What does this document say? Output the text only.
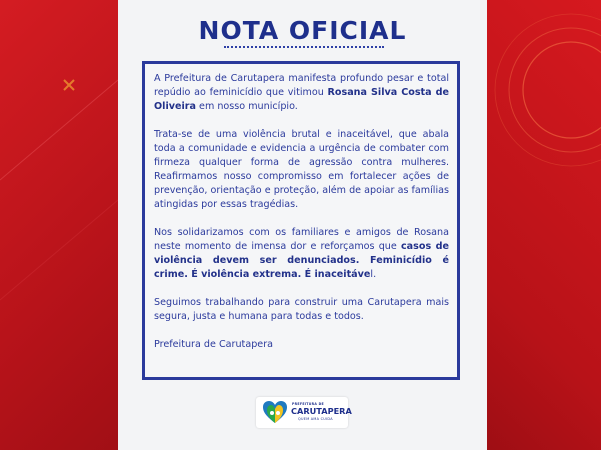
NOTA OFICIAL

A Prefeitura de Carutapera manifesta profundo pesar e total repúdio ao feminicídio que vitimou Rosana Silva Costa de Oliveira em nosso município.

Trata-se de uma violência brutal e inaceitável, que abala toda a comunidade e evidencia a urgência de combater com firmeza qualquer forma de agressão contra mulheres. Reafirmamos nosso compromisso em fortalecer ações de prevenção, orientação e proteção, além de apoiar as famílias atingidas por essas tragédias.

Nos solidarizamos com os familiares e amigos de Rosana neste momento de imensa dor e reforçamos que casos de violência devem ser denunciados. Feminicídio é crime. É violência extrema. É inaceitável.

Seguimos trabalhando para construir uma Carutapera mais segura, justa e humana para todas e todos.

Prefeitura de Carutapera

PREFEITURA DE
CARUTAPERA
QUEM AMA CUIDA
